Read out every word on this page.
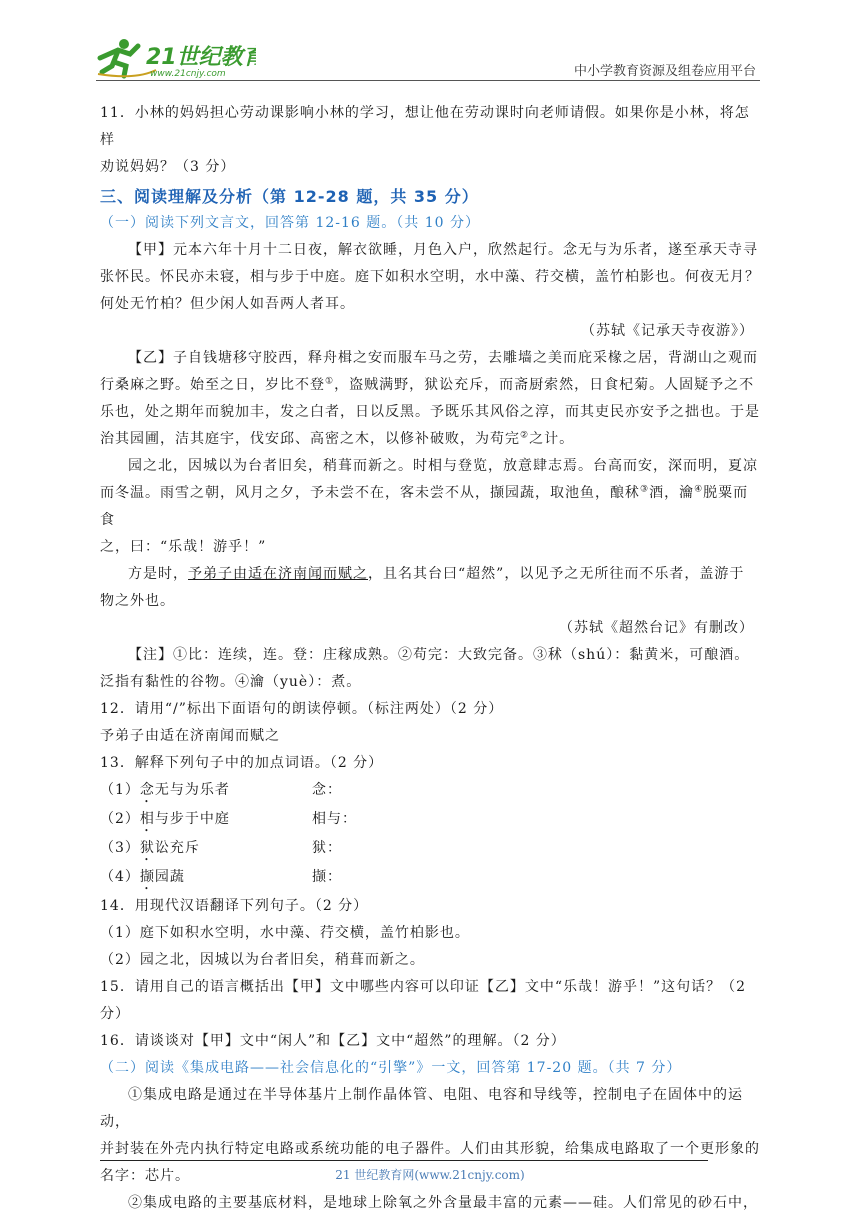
21世纪教育
www.21cnjy.com	中小学教育资源及组卷应用平台

11．小林的妈妈担心劳动课影响小林的学习，想让他在劳动课时向老师请假。如果你是小林，将怎样

劝说妈妈？（3 分）

三、阅读理解及分析（第 12-28 题，共 35 分）

（一）阅读下列文言文，回答第 12-16 题。（共 10 分）

【甲】元本六年十月十二日夜，解衣欲睡，月色入户，欣然起行。念无与为乐者，遂至承天寺寻

张怀民。怀民亦未寝，相与步于中庭。庭下如积水空明，水中藻、荇交横，盖竹柏影也。何夜无月？

何处无竹柏？但少闲人如吾两人者耳。

（苏轼《记承天寺夜游》）

【乙】子自钱塘移守胶西，释舟楫之安而服车马之劳，去雕墙之美而庇采椽之居，背湖山之观而

行桑麻之野。始至之日，岁比不登①，盗贼满野，狱讼充斥，而斋厨索然，日食杞菊。人固疑予之不

乐也，处之期年而貌加丰，发之白者，日以反黑。予既乐其风俗之淳，而其吏民亦安予之拙也。于是

治其园圃，洁其庭宇，伐安邱、高密之木，以修补破败，为苟完②之计。

园之北，因城以为台者旧矣，稍葺而新之。时相与登览，放意肆志焉。台高而安，深而明，夏凉

而冬温。雨雪之朝，风月之夕，予未尝不在，客未尝不从，撷园蔬，取池鱼，酿秫③酒，瀹④脱粟而食

之，曰：“乐哉！游乎！”

方是时，予弟子由适在济南闻而赋之，且名其台曰“超然”，以见予之无所往而不乐者，盖游于

物之外也。

（苏轼《超然台记》有删改）

【注】①比：连续，连。登：庄稼成熟。②苟完：大致完备。③秫（shú）：黏黄米，可酿酒。

泛指有黏性的谷物。④瀹（yuè）：煮。

12．请用“/”标出下面语句的朗读停顿。（标注两处）（2 分）

予弟子由适在济南闻而赋之

13．解释下列句子中的加点词语。（2 分）

（1）念无与为乐者	念：
（2）相与步于中庭	相与：
（3）狱讼充斥	狱：
（4）撷园蔬	撷：

14．用现代汉语翻译下列句子。（2 分）

（1）庭下如积水空明，水中藻、荇交横，盖竹柏影也。

（2）园之北，因城以为台者旧矣，稍葺而新之。

15．请用自己的语言概括出【甲】文中哪些内容可以印证【乙】文中“乐哉！游乎！”这句话？（2

分）

16．请谈谈对【甲】文中“闲人”和【乙】文中“超然”的理解。（2 分）

（二）阅读《集成电路——社会信息化的“引擎”》一文，回答第 17-20 题。（共 7 分）

①集成电路是通过在半导体基片上制作晶体管、电阻、电容和导线等，控制电子在固体中的运动，

并封装在外壳内执行特定电路或系统功能的电子器件。人们由其形貌，给集成电路取了一个更形象的

名字：芯片。

②集成电路的主要基底材料，是地球上除氧之外含量最丰富的元素——硅。人们常见的砂石中，

21 世纪教育网(www.21cnjy.com)
